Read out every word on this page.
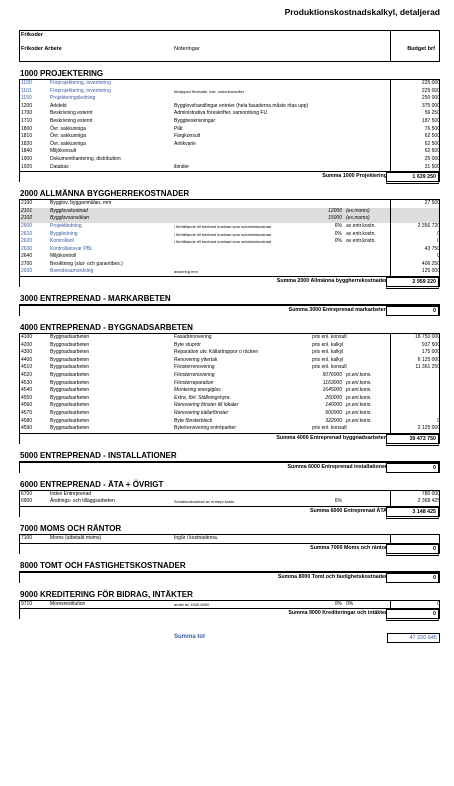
Produktionskostnadskalkyl, detaljerad
Frikoder
Frikoder Arbete	Noteringar	Budget brf
1000 PROJEKTERING
1100	Förprojektering, inventering	225 000
1101	Förprojektering, inventering	fördjupad förstudie, inkl. underkonsulter	225 000
1150	Projekteringsledning	250 000
1200	Arkitekt	Bygglovshandlingar entréer (hela fasaderna måste ritas upp)	375 000
1700	Beskrivning externt	Administrativa föreskrifter, samordning FU	56 250
1710	Beskrivning externt	Byggbeskrivningar	187 500
1800	Övr. sakkunniga	Plåt	76 500
1810	Övr. sakkunniga	Färgkonsult	62 500
1820	Övr. sakkunniga	Antikvarie	62 500
1840	Miljökonsult	62 500
1900	Dokumenthantering, distribution	25 000
1920	Databas	ibinder	31 500
Summa 1000 Projektering	1 639 250
2000 ALLMÄNNA BYGGHERREKOSTNADER
2100	Bygglov, bygganmälan, mm	27 500
2101	Bygglovskostnad	12000 (ex.moms)
2102	Bygglovsansökan	15000 (ex.moms)
2600	Projektledning	i förhållande till bedömd kostnad som schablonkostnad	6% av entr.kostn.	2 356 720
2610	Byggledning	i förhållande till bedömd kostnad som schablonkostnad	0% av entr.kostn.	0
2620	Kontrollant	i förhållande till bedömd kostnad som schablonkostnad	0% av entr.kostn.	0
2630	Kontrollansvar PBL	43 750
2640	Miljökontroll	0
2700	Besiktning (slut- och garantibes.)	406 250
2930	Boendesamordning	avisering mm	125 000
Summa 2000 Allmänna byggherrekostnader	2 959 220
3000 ENTREPRENAD - MARKARBETEN
Summa 3000 Entreprenad markarbeten	0
4000 ENTREPRENAD - BYGGNADSARBETEN
4100	Byggnadsarbeten	Fasadrenovering	pris enl. konsult	18 750 000
4200	Byggnadsarbeten	Byte stuprör	pris enl. kalkyl	937 500
4300	Byggnadsarbeten	Reparation utv. Källartrappor o räcken	pris enl. kalkyl	175 000
4400	Byggnadsarbeten	Renovering yttertak	pris enl. kalkyl	6 125 000
4510	Byggnadsarbeten	Fönsterrenovering	pris enl. konsult	11 361 250
4520	Byggnadsarbeten	Fönsterrenovering	5076000 pr.enl.kons.
4530	Byggnadsarbeten	Fönsterreparation	1163000 pr.enl.kons.
4540	Byggnadsarbeten	Montering energiglas	1645000 pr.enl.kons.
4550	Byggnadsarbeten	Extra, förl. Ställningshyra	260000 pr.enl.kons.
4560	Byggnadsarbeten	Renovering fönster till lokaler	140000 pr.enl.kons.
4570	Byggnadsarbeten	Renovering källarfönster	600000 pr.enl.kons.
4580	Byggnadsarbeten	Byte fönsterbleck	322000 pr.enl.kons.	0
4590	Byggnadsarbeten	Byte/renovering entrépartier	pris enl. konsult	2 125 000
Summa 4000 Entreprenad byggnadsarbeten	39 473 750
5000 ENTREPRENAD - INSTALLATIONER
Summa 6000 Entreprenad installationer	0
6000 ENTREPRENAD - ÄTA + ÖVRIGT
6700	Index Entreprenad	780 000
6900	Ändrings- och tilläggsarbeten	Schablonkostnad av entrepr.kostn.	6%	2 368 425
Summa 6000 Entreprenad ÄTA	3 148 425
7000 MOMS OCH RÄNTOR
7100	Moms (utbetald moms)	Ingår i kostnaderna.
Summa 7000 Moms och räntor	0
8000 TOMT OCH FASTIGHETSKOSTNADER
Summa 8000 Tomt och fastighetskostnader	0
9000 KREDITERING FÖR BIDRAG, INTÄKTER
9710	Momsrestitution	andel av 1000-6000	0% 0%	0
Summa 9000 Krediteringar och intäkter	0
Summa tot	47 220 645
